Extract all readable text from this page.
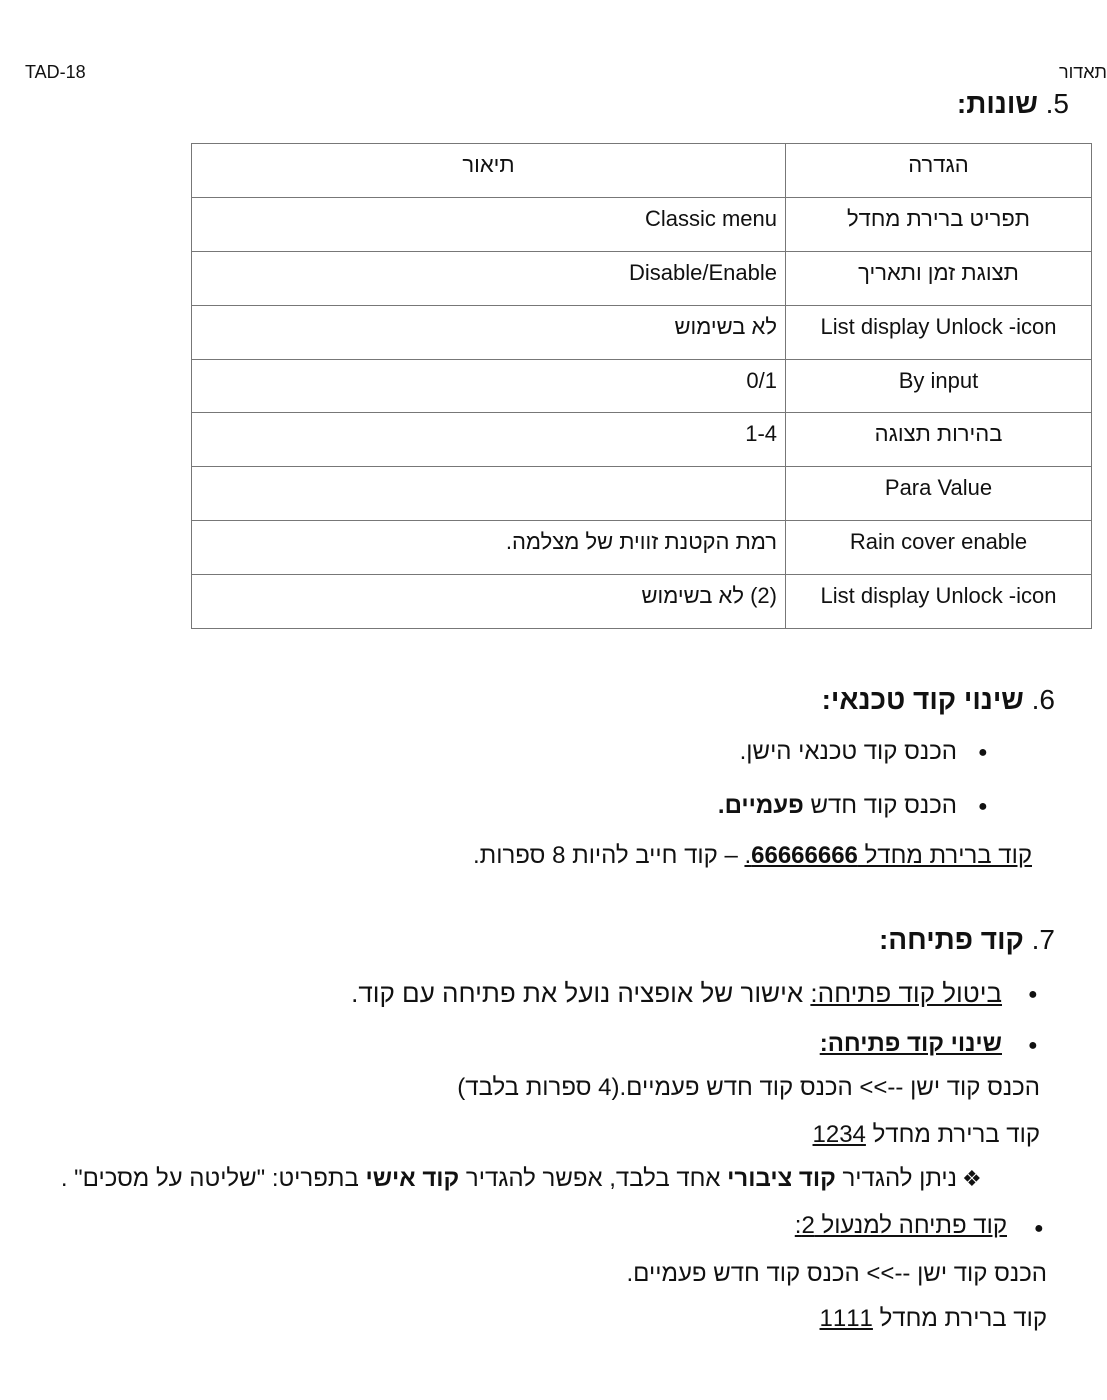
TAD-18	תאדור
5. שונות:
הגדרה	תיאור
תפריט ברירת מחדל	Classic menu
תצוגת זמן ותאריך	Disable/Enable
List display Unlock -icon	לא בשימוש
By input	0/1
בהירות תצוגה	1-4
Para Value	
Rain cover enable	רמת הקטנת זווית של מצלמה.
List display Unlock -icon	(2) לא בשימוש
6. שינוי קוד טכנאי:
●
הכנס קוד טכנאי הישן.
●
הכנס קוד חדש פעמיים.
קוד ברירת מחדל 66666666. – קוד חייב להיות 8 ספרות.
7. קוד פתיחה:
●
ביטול קוד פתיחה: אישור של אופציה נועל את פתיחה עם קוד.
●
שינוי קוד פתיחה:
הכנס קוד ישן -->> הכנס קוד חדש פעמיים.(4 ספרות בלבד)
קוד ברירת מחדל 1234
❖
ניתן להגדיר קוד ציבורי אחד בלבד, אפשר להגדיר קוד אישי בתפריט: "שליטה על מסכים" .
●
קוד פתיחה למנעול 2:
הכנס קוד ישן -->> הכנס קוד חדש פעמיים.
קוד ברירת מחדל 1111
